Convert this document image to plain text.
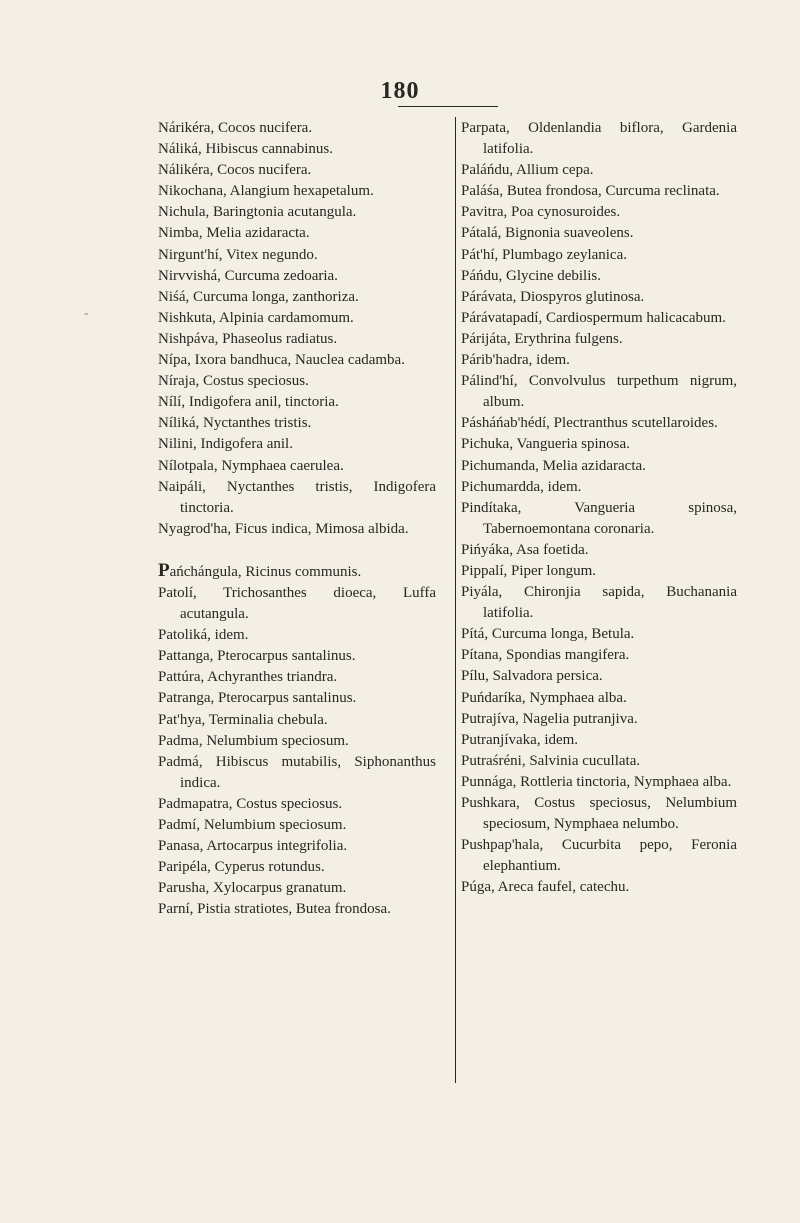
180

Nárikéra, Cocos nucifera.

Náliká, Hibiscus cannabinus.

Nálikéra, Cocos nucifera.

Nikochana, Alangium hexapetalum.

Nichula, Baringtonia acutangula.

Nimba, Melia azidaracta.

Nirgunt'hí, Vitex negundo.

Nirvvishá, Curcuma zedoaria.

Niśá, Curcuma longa, zanthoriza.

Nishkuta, Alpinia cardamomum.

Nishpáva, Phaseolus radiatus.

Nípa, Ixora bandhuca, Nauclea cadamba.

Níraja, Costus speciosus.

Nílí, Indigofera anil, tinctoria.

Níliká, Nyctanthes tristis.

Nilini, Indigofera anil.

Nílotpala, Nymphaea caerulea.

Naipáli, Nyctanthes tristis, Indigofera tinctoria.

Nyagrod'ha, Ficus indica, Mimosa albida.

Pańchángula, Ricinus communis.

Patolí, Trichosanthes dioeca, Luffa acutangula.

Patoliká, idem.

Pattanga, Pterocarpus santalinus.

Pattúra, Achyranthes triandra.

Patranga, Pterocarpus santalinus.

Pat'hya, Terminalia chebula.

Padma, Nelumbium speciosum.

Padmá, Hibiscus mutabilis, Siphonanthus indica.

Padmapatra, Costus speciosus.

Padmí, Nelumbium speciosum.

Panasa, Artocarpus integrifolia.

Paripéla, Cyperus rotundus.

Parusha, Xylocarpus granatum.

Parní, Pistia stratiotes, Butea frondosa.

Parpata, Oldenlandia biflora, Gardenia latifolia.

Paláńdu, Allium cepa.

Paláśa, Butea frondosa, Curcuma reclinata.

Pavitra, Poa cynosuroides.

Pátalá, Bignonia suaveolens.

Pát'hí, Plumbago zeylanica.

Páńdu, Glycine debilis.

Párávata, Diospyros glutinosa.

Párávatapadí, Cardiospermum halicacabum.

Párijáta, Erythrina fulgens.

Párib'hadra, idem.

Pálind'hí, Convolvulus turpethum nigrum, album.

Pásháńab'hédí, Plectranthus scutellaroides.

Pichuka, Vangueria spinosa.

Pichumanda, Melia azidaracta.

Pichumardda, idem.

Pindítaka, Vangueria spinosa, Tabernoemontana coronaria.

Pińyáka, Asa foetida.

Pippalí, Piper longum.

Piyála, Chironjia sapida, Buchanania latifolia.

Pítá, Curcuma longa, Betula.

Pítana, Spondias mangifera.

Pílu, Salvadora persica.

Puńdaríka, Nymphaea alba.

Putrajíva, Nagelia putranjiva.

Putranjívaka, idem.

Putraśréni, Salvinia cucullata.

Punnága, Rottleria tinctoria, Nymphaea alba.

Pushkara, Costus speciosus, Nelumbium speciosum, Nymphaea nelumbo.

Pushpap'hala, Cucurbita pepo, Feronia elephantium.

Púga, Areca faufel, catechu.

-
